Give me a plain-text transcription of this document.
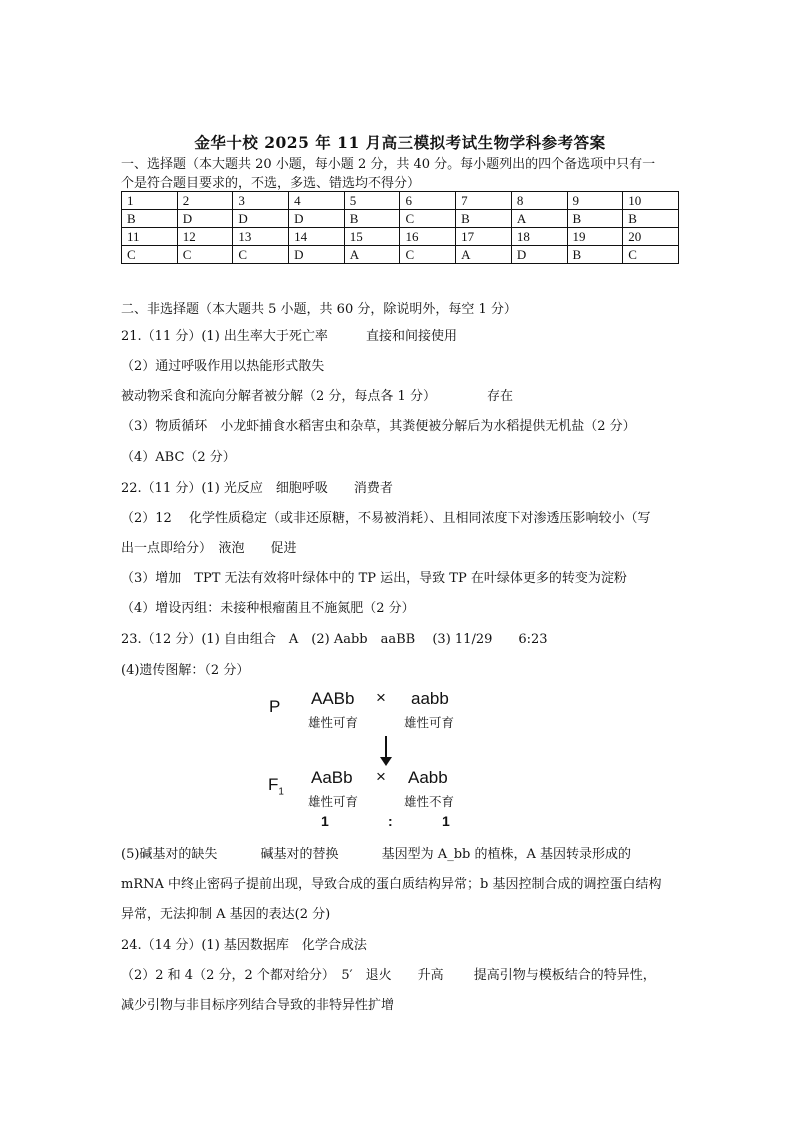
金华十校 2025 年 11 月高三模拟考试生物学科参考答案
一、选择题（本大题共 20 小题，每小题 2 分，共 40 分。每小题列出的四个备选项中只有一
个是符合题目要求的，不选，多选、错选均不得分）
1	2	3	4	5	6	7	8	9	10
B	D	D	D	B	C	B	A	B	B
11	12	13	14	15	16	17	18	19	20
C	C	C	D	A	C	A	D	B	C
二、非选择题（本大题共 5 小题，共 60 分，除说明外，每空 1 分）
21.（11 分）(1) 出生率大于死亡率	直接和间接使用
（2）通过呼吸作用以热能形式散失
被动物采食和流向分解者被分解（2 分，每点各 1 分）	存在
（3）物质循环　小龙虾捕食水稻害虫和杂草，其粪便被分解后为水稻提供无机盐（2 分）
（4）ABC（2 分）
22.（11 分）(1) 光反应　细胞呼吸　　消费者
（2）12　 化学性质稳定（或非还原糖，不易被消耗）、且相同浓度下对渗透压影响较小（写
出一点即给分）　液泡　　促进
（3）增加　TPT 无法有效将叶绿体中的 TP 运出，导致 TP 在叶绿体更多的转变为淀粉
（4）增设丙组：未接种根瘤菌且不施氮肥（2 分）
23.（12 分）(1) 自由组合　A　(2) Aabb　aaBB　 (3) 11/29　　6:23
(4)遗传图解：（2 分）
P AABb × aabb
雄性可育	雄性可育
$F_1$
AaBb × Aabb
雄性可育	雄性不育
1	:	1
(5)碱基对的缺失　　　 碱基对的替换　　　 基因型为 A_bb 的植株，A 基因转录形成的
mRNA 中终止密码子提前出现，导致合成的蛋白质结构异常；b 基因控制合成的调控蛋白结构
异常，无法抑制 A 基因的表达(2 分)
24.（14 分）(1) 基因数据库　化学合成法
（2）2 和 4（2 分，2 个都对给分）　5′　退火　　升高　　 提高引物与模板结合的特异性，
减少引物与非目标序列结合导致的非特异性扩增
